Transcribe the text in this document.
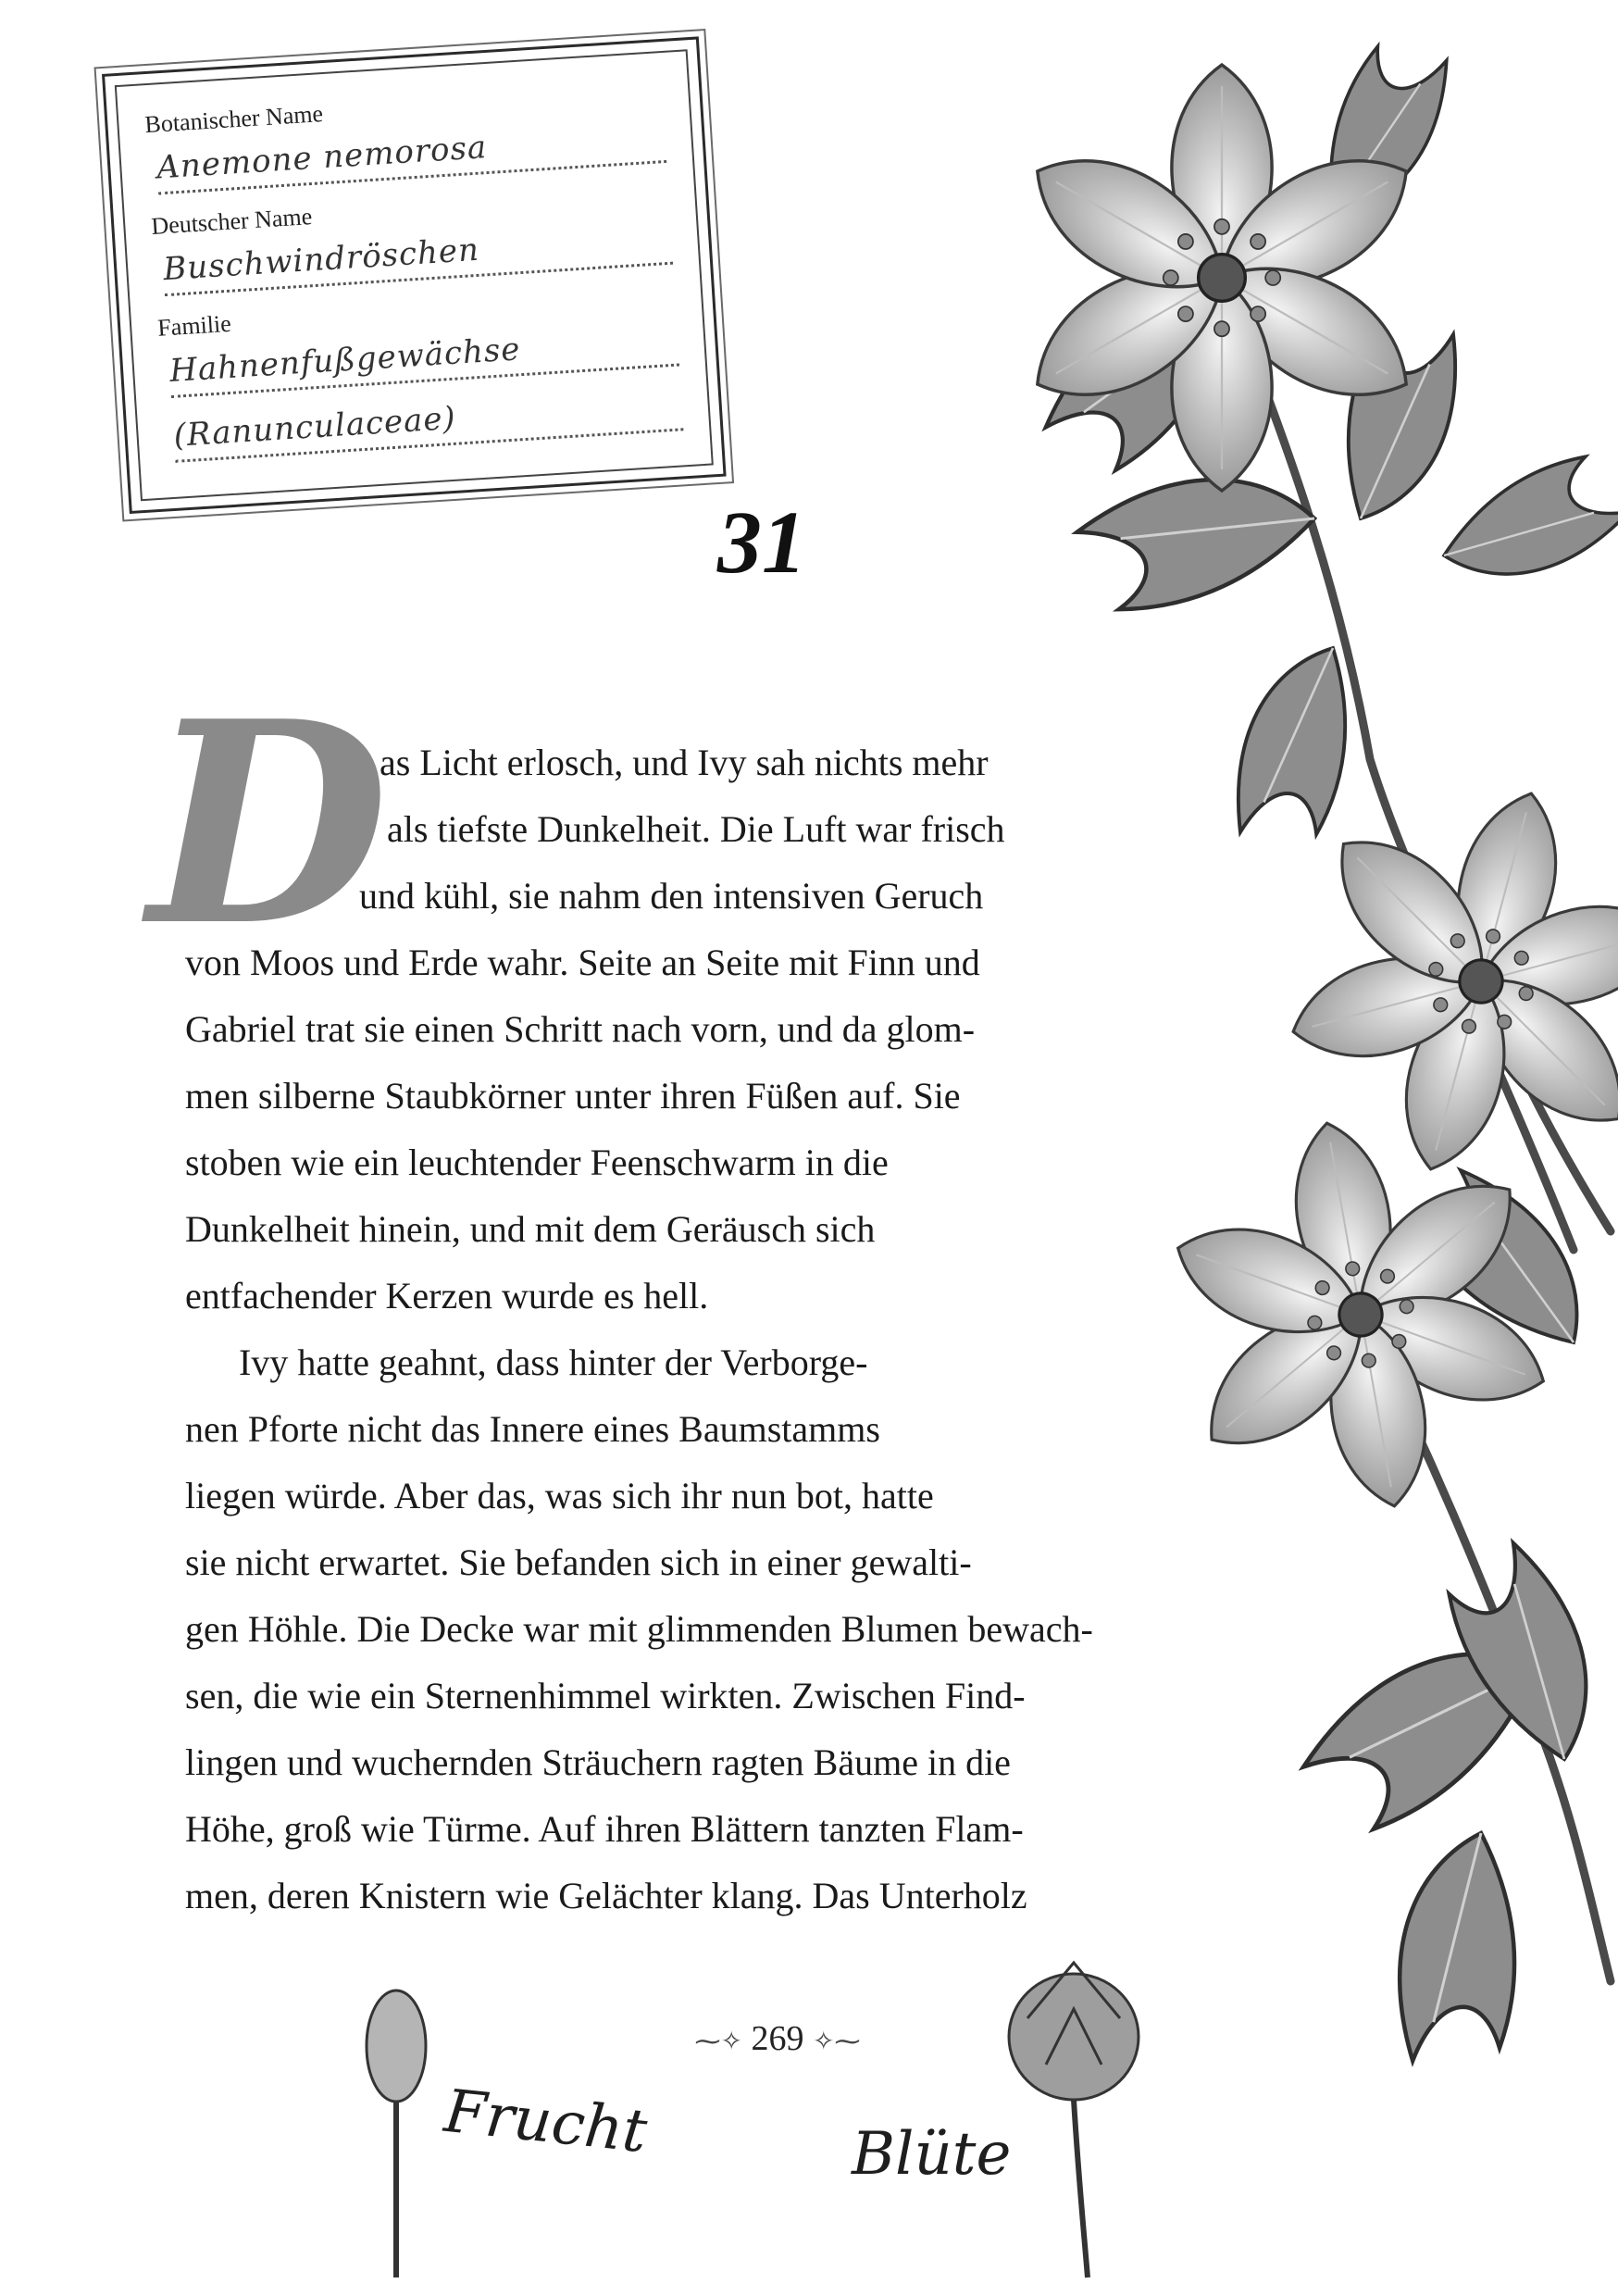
Botanischer Name
Anemone nemorosa
Deutscher Name
Buschwindröschen
Familie
Hahnenfußgewächse
(Ranunculaceae)
31
D
as Licht erlosch, und Ivy sah nichts mehr
als tiefste Dunkelheit. Die Luft war frisch
und kühl, sie nahm den intensiven Geruch
von Moos und Erde wahr. Seite an Seite mit Finn und
Gabriel trat sie einen Schritt nach vorn, und da glom-
men silberne Staubkörner unter ihren Füßen auf. Sie
stoben wie ein leuchtender Feenschwarm in die
Dunkelheit hinein, und mit dem Geräusch sich
entfachender Kerzen wurde es hell.
Ivy hatte geahnt, dass hinter der Verborge-
nen Pforte nicht das Innere eines Baumstamms
liegen würde. Aber das, was sich ihr nun bot, hatte
sie nicht erwartet. Sie befanden sich in einer gewalti-
gen Höhle. Die Decke war mit glimmenden Blumen bewach-
sen, die wie ein Sternenhimmel wirkten. Zwischen Find-
lingen und wuchernden Sträuchern ragten Bäume in die
Höhe, groß wie Türme. Auf ihren Blättern tanzten Flam-
men, deren Knistern wie Gelächter klang. Das Unterholz
⁓✧ 269 ✧⁓
Frucht	Blüte
